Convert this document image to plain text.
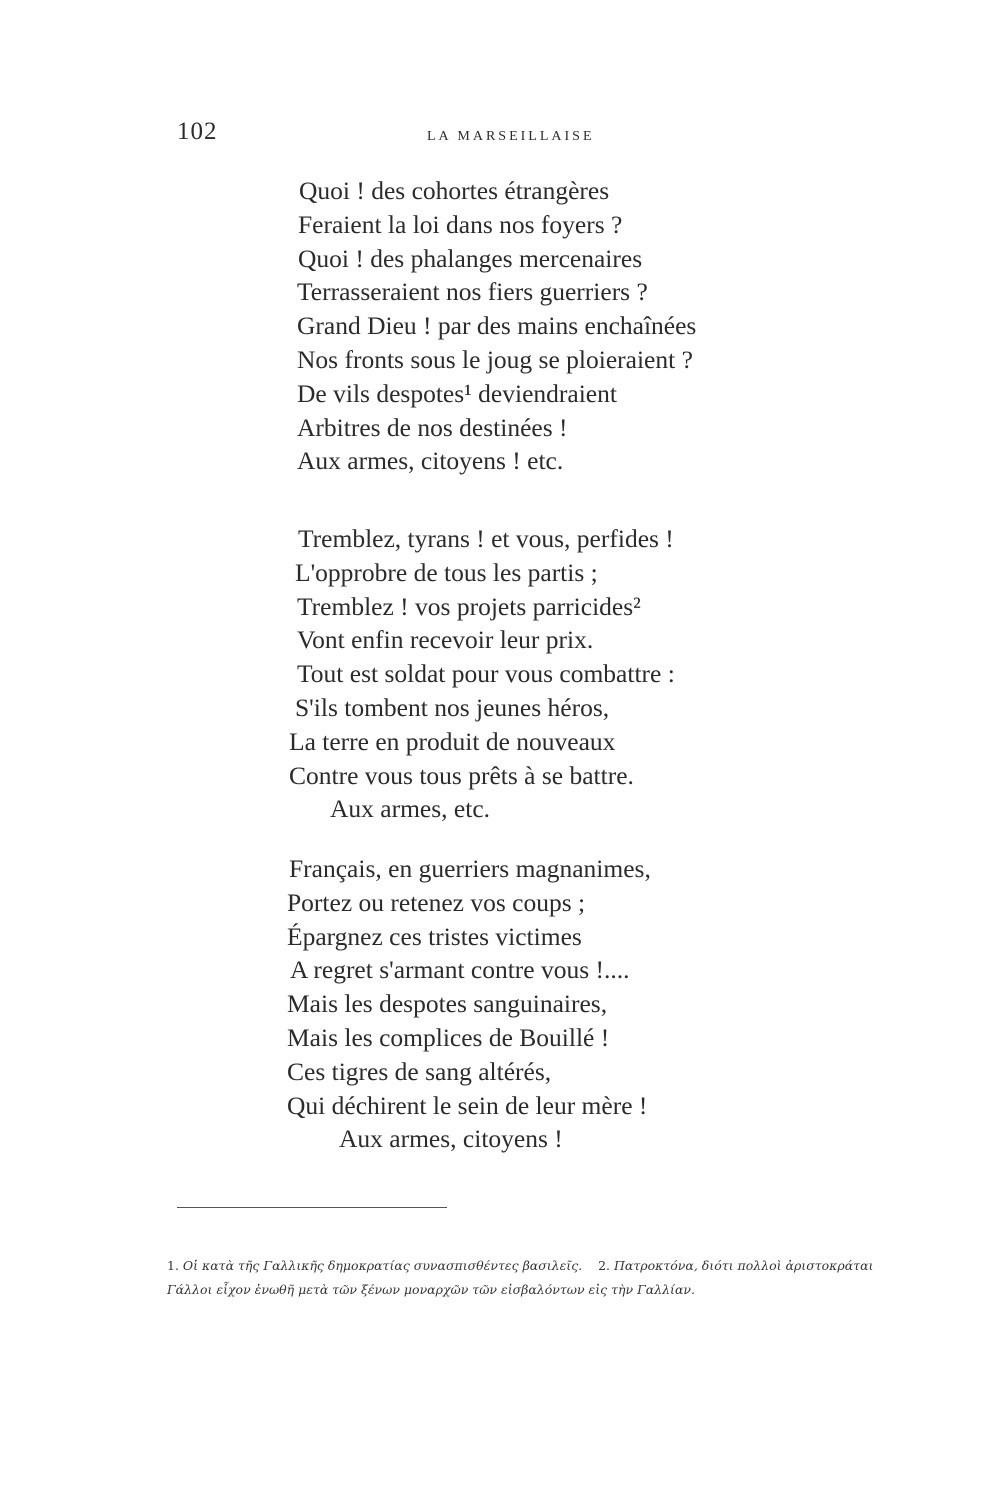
102	LA MARSEILLAISE
Quoi ! des cohortes étrangères
Feraient la loi dans nos foyers ?
Quoi ! des phalanges mercenaires
Terrasseraient nos fiers guerriers ?
Grand Dieu ! par des mains enchaînées
Nos fronts sous le joug se ploieraient ?
De vils despotes¹ deviendraient
Arbitres de nos destinées !
Aux armes, citoyens ! etc.
Tremblez, tyrans ! et vous, perfides !
L'opprobre de tous les partis ;
Tremblez ! vos projets parricides²
Vont enfin recevoir leur prix.
Tout est soldat pour vous combattre :
S'ils tombent nos jeunes héros,
La terre en produit de nouveaux
Contre vous tous prêts à se battre.
Aux armes, etc.
Français, en guerriers magnanimes,
Portez ou retenez vos coups ;
Épargnez ces tristes victimes
A regret s'armant contre vous !....
Mais les despotes sanguinaires,
Mais les complices de Bouillé !
Ces tigres de sang altérés,
Qui déchirent le sein de leur mère !
Aux armes, citoyens !
1. Οἱ κατὰ τῆς Γαλλικῆς δημοκρατίας συνασπισθέντες βασιλεῖς. 2. Πατροκτόνα, διότι πολλοὶ ἀριστοκράται Γάλλοι εἶχον ἑνωθῆ μετὰ τῶν ξένων μοναρχῶν τῶν εἰσβαλόντων εἰς τὴν Γαλλίαν.
